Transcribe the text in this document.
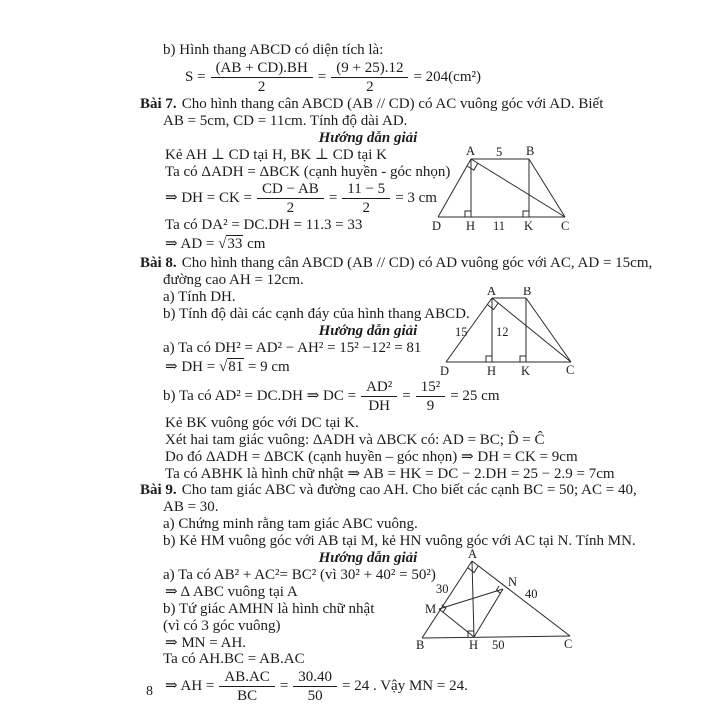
b) Hình thang ABCD có diện tích là:
$S = \frac{(AB + CD).BH}{2} = \frac{(9 + 25).12}{2} = 204(cm^2)$
Bài 7. Cho hình thang cân ABCD (AB // CD) có AC vuông góc với AD. Biết
AB = 5cm, CD = 11cm. Tính độ dài AD.
Hướng dẫn giải
Kẻ AH ⊥ CD tại H, BK ⊥ CD tại K
Ta có ΔADH = ΔBCK (cạnh huyền - góc nhọn)
⇒ DH = CK = $\frac{CD - AB}{2} = \frac{11 - 5}{2} = 3$ cm
Ta có DA² = DC.DH = 11.3 = 33
⇒ AD = √33 cm
Bài 8. Cho hình thang cân ABCD (AB // CD) có AD vuông góc với AC, AD = 15cm,
đường cao AH = 12cm.
a) Tính DH.
b) Tính độ dài các cạnh đáy của hình thang ABCD.
Hướng dẫn giải
a) Ta có DH² = AD² − AH² = 15² −12² = 81
⇒ DH = √81 = 9 cm
b) Ta có AD² = DC.DH ⇒ DC = $\frac{\text{AD²}}{DH} = \frac{\text{15²}}{9} = 25$ cm
Kẻ BK vuông góc với DC tại K.
Xét hai tam giác vuông: ΔADH và ΔBCK có: AD = BC; D̂ = Ĉ
Do đó ΔADH = ΔBCK (cạnh huyền – góc nhọn) ⇒ DH = CK = 9cm
Ta có ABHK là hình chữ nhật ⇒ AB = HK = DC − 2.DH = 25 − 2.9 = 7cm
Bài 9. Cho tam giác ABC và đường cao AH. Cho biết các cạnh BC = 50; AC = 40,
AB = 30.
a) Chứng minh rằng tam giác ABC vuông.
b) Kẻ HM vuông góc với AB tại M, kẻ HN vuông góc với AC tại N. Tính MN.
Hướng dẫn giải
a) Ta có AB² + AC²= BC² (vì 30² + 40² = 50²)
⇒ Δ ABC vuông tại A
b) Tứ giác AMHN là hình chữ nhật
(vì có 3 góc vuông)
⇒ MN = AH.
Ta có AH.BC = AB.AC
⇒ AH = $\frac{AB.AC}{BC} = \frac{30.40}{50} = 24$ . Vậy MN = 24.
A 5 B
D H 11 K C
A B
15 12
D	H K	C
A
30
M
N
40
B	H 50	C
8
